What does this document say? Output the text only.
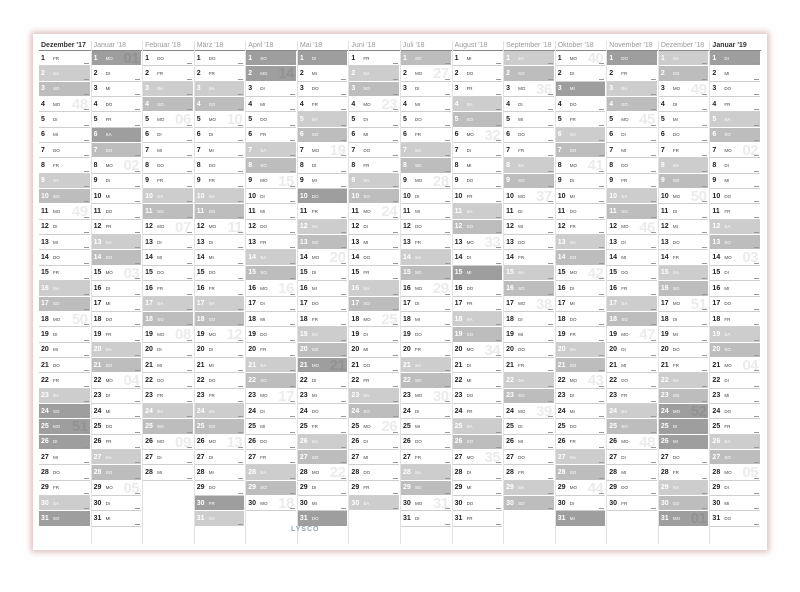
Dezember '17
1	FR
2	SA
3	SO
4	MO 48
5	DI
6	MI
7	DO
8	FR
9	SA
10 SO
11	MO 49
12 DI
13 MI
14 DO
15 FR
16 SA
17 SO
18 MO 50
19 DI
20 MI
21 DO
22 FR
23 SA
24 SO
25 MO 51
26 DI
27 MI
28 DO
29 FR
30 SA
31 SO
Januar '18
1	MO 01
2	DI
3	MI
4	DO
5	FR
6	SA
7	SO
8	MO 02
9	DI
10 MI
11	DO
12 FR
13 SA
14 SO
15 MO 03
16 DI
17 MI
18 DO
19 FR
20 SA
21 SO
22 MO 04
23 DI
24 MI
25 DO
26 FR
27 SA
28 SO
29 MO 05
30 DI
31 MI
Februar '18
1	DO
2	FR
3	SA
4	SO
5	MO 06
6	DI
7	MI
8	DO
9	FR
10 SA
11	SO
12 MO 07
13 DI
14 MI
15 DO
16 FR
17 SA
18 SO
19 MO 08
20 DI
21 MI
22 DO
23 FR
24 SA
25 SO
26 MO 09
27 DI
28 MI
März '18
1	DO
2	FR
3	SA
4	SO
5	MO 10
6	DI
7	MI
8	DO
9	FR
10 SA
11	SO
12 MO 11
13 DI
14 MI
15 DO
16 FR
17 SA
18 SO
19 MO 12
20 DI
21 MI
22 DO
23 FR
24 SA
25 SO
26 MO 13
27 DI
28 MI
29 DO
30 FR
31 SA
April '18
1	SO
2	MO 14
3	DI
4	MI
5	DO
6	FR
7	SA
8	SO
9	MO 15
10 DI
11	MI
12 DO
13 FR
14 SA
15 SO
16 MO 16
17 DI
18 MI
19 DO
20 FR
21 SA
22 SO
23 MO 17
24 DI
25 MI
26 DO
27 FR
28 SA
29 SO
30 MO 18
Mai '18
1	DI
2	MI
3	DO
4	FR
5	SA
6	SO
7	MO 19
8	DI
9	MI
10 DO
11	FR
12 SA
13 SO
14 MO 20
15 DI
16 MI
17 DO
18 FR
19 SA
20 SO
21 MO 21
22 DI
23 MI
24 DO
25 FR
26 SA
27 SO
28 MO 22
29 DI
30 MI
31 DO
Juni '18
1	FR
2	SA
3	SO
4	MO 23
5	DI
6	MI
7	DO
8	FR
9	SA
10 SO
11	MO 24
12 DI
13 MI
14 DO
15 FR
16 SA
17 SO
18 MO 25
19 DI
20 MI
21 DO
22 FR
23 SA
24 SO
25 MO 26
26 DI
27 MI
28 DO
29 FR
30 SA
Juli '18
1	SO
2	MO 27
3	DI
4	MI
5	DO
6	FR
7	SA
8	SO
9	MO 28
10 DI
11	MI
12 DO
13 FR
14 SA
15 SO
16 MO 29
17 DI
18 MI
19 DO
20 FR
21 SA
22 SO
23 MO 30
24 DI
25 MI
26 DO
27 FR
28 SA
29 SO
30 MO 31
31 DI
August '18
1	MI
2	DO
3	FR
4	SA
5	SO
6	MO 32
7	DI
8	MI
9	DO
10 FR
11	SA
12 SO
13 MO 33
14 DI
15 MI
16 DO
17 FR
18 SA
19 SO
20 MO 34
21 DI
22 MI
23 DO
24 FR
25 SA
26 SO
27 MO 35
28 DI
29 MI
30 DO
31 FR
September '18
1	SA
2	SO
3	MO 36
4	DI
5	MI
6	DO
7	FR
8	SA
9	SO
10 MO 37
11	DI
12 MI
13 DO
14 FR
15 SA
16 SO
17 MO 38
18 DI
19 MI
20 DO
21 FR
22 SA
23 SO
24 MO 39
25 DI
26 MI
27 DO
28 FR
29 SA
30 SO
Oktober '18
1	MO 40
2	DI
3	MI
4	DO
5	FR
6	SA
7	SO
8	MO 41
9	DI
10 MI
11	DO
12 FR
13 SA
14 SO
15 MO 42
16 DI
17 MI
18 DO
19 FR
20 SA
21 SO
22 MO 43
23 DI
24 MI
25 DO
26 FR
27 SA
28 SO
29 MO 44
30 DI
31 MI
November '18
1	DO
2	FR
3	SA
4	SO
5	MO 45
6	DI
7	MI
8	DO
9	FR
10 SA
11	SO
12 MO 46
13 DI
14 MI
15 DO
16 FR
17 SA
18 SO
19 MO 47
20 DI
21 MI
22 DO
23 FR
24 SA
25 SO
26 MO 48
27 DI
28 MI
29 DO
30 FR
Dezember '18
1	SA
2	SO
3	MO 49
4	DI
5	MI
6	DO
7	FR
8	SA
9	SO
10 MO 50
11	DI
12 MI
13 DO
14 FR
15 SA
16 SO
17 MO 51
18 DI
19 MI
20 DO
21 FR
22 SA
23 SO
24 MO 52
25 DI
26 MI
27 DO
28 FR
29 SA
30 SO
31 MO 01
Januar '19
1	DI
2	MI
3	DO
4	FR
5	SA
6	SO
7	MO 02
8	DI
9	MI
10 DO
11	FR
12 SA
13 SO
14 MO 03
15 DI
16 MI
17 DO
18 FR
19 SA
20 SO
21 MO 04
22 DI
23 MI
24 DO
25 FR
26 SA
27 SO
28 MO 05
29 DI
30 MI
31 DO
LYSCO
